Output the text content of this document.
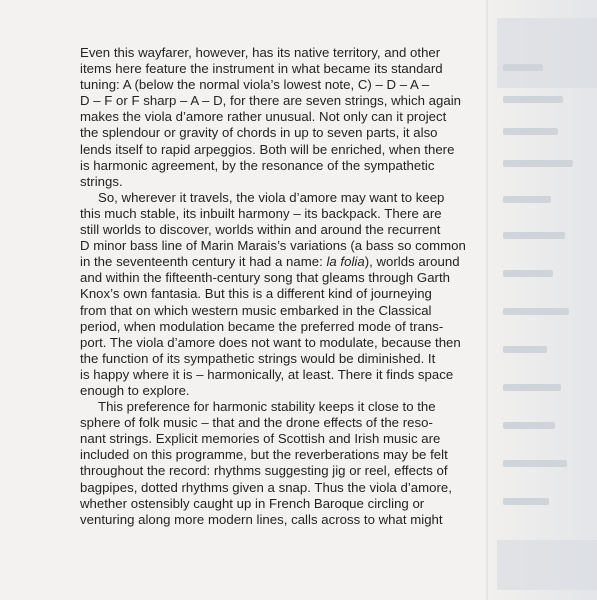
Even this wayfarer, however, has its native territory, and other
items here feature the instrument in what became its standard
tuning: A (below the normal viola’s lowest note, C) – D – A –
D – F or F sharp – A – D, for there are seven strings, which again
makes the viola d’amore rather unusual. Not only can it project
the splendour or gravity of chords in up to seven parts, it also
lends itself to rapid arpeggios. Both will be enriched, when there
is harmonic agreement, by the resonance of the sympathetic
strings.
So, wherever it travels, the viola d’amore may want to keep
this much stable, its inbuilt harmony – its backpack. There are
still worlds to discover, worlds within and around the recurrent
D minor bass line of Marin Marais’s variations (a bass so common
in the seventeenth century it had a name: la folia), worlds around
and within the fifteenth-century song that gleams through Garth
Knox’s own fantasia. But this is a different kind of journeying
from that on which western music embarked in the Classical
period, when modulation became the preferred mode of trans-
port. The viola d’amore does not want to modulate, because then
the function of its sympathetic strings would be diminished. It
is happy where it is – harmonically, at least. There it finds space
enough to explore.
This preference for harmonic stability keeps it close to the
sphere of folk music – that and the drone effects of the reso-
nant strings. Explicit memories of Scottish and Irish music are
included on this programme, but the reverberations may be felt
throughout the record: rhythms suggesting jig or reel, effects of
bagpipes, dotted rhythms given a snap. Thus the viola d’amore,
whether ostensibly caught up in French Baroque circling or
venturing along more modern lines, calls across to what might
